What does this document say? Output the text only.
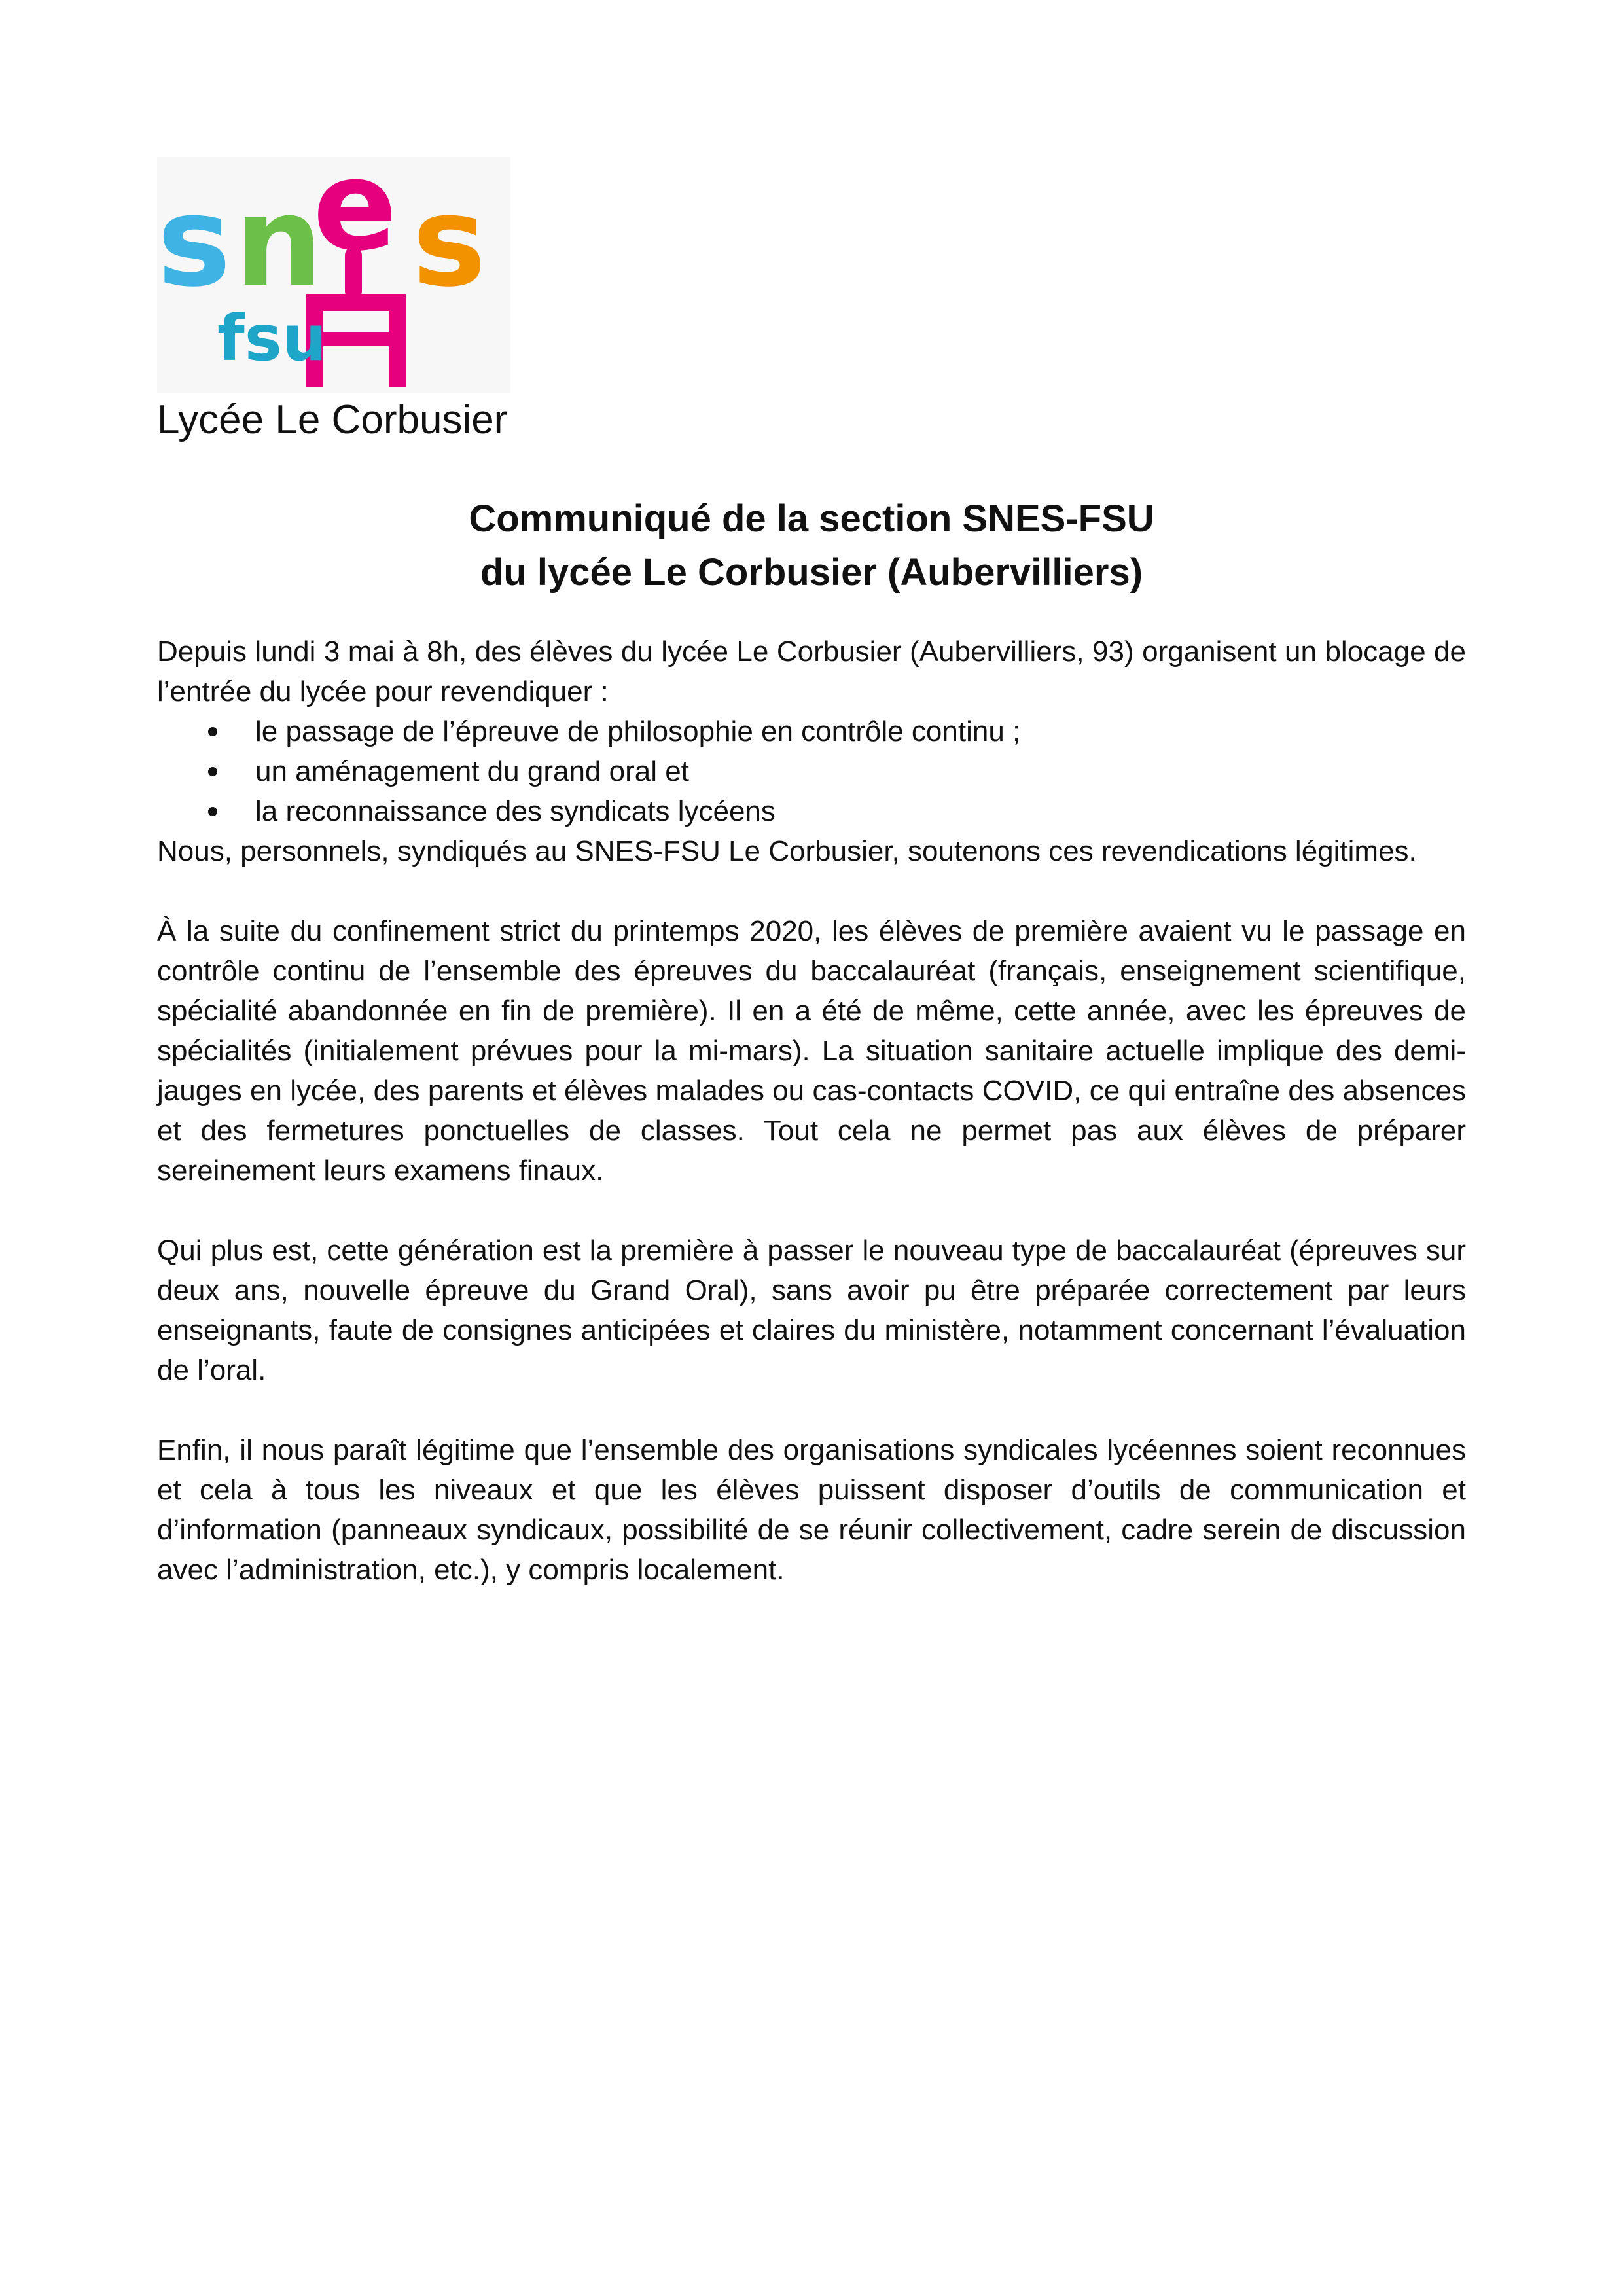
s n
e s
fsu
Lycée Le Corbusier
Communiqué de la section SNES-FSU
du lycée Le Corbusier (Aubervilliers)

Depuis lundi 3 mai à 8h, des élèves du lycée Le Corbusier (Aubervilliers, 93) organisent un blocage de l’entrée du lycée pour revendiquer :

le passage de l’épreuve de philosophie en contrôle continu ;
un aménagement du grand oral et
la reconnaissance des syndicats lycéens

Nous, personnels, syndiqués au SNES-FSU Le Corbusier, soutenons ces revendications légitimes.

À la suite du confinement strict du printemps 2020, les élèves de première avaient vu le passage en contrôle continu de l’ensemble des épreuves du baccalauréat (français, enseignement scientifique, spécialité abandonnée en fin de première). Il en a été de même, cette année, avec les épreuves de spécialités (initialement prévues pour la mi-mars). La situation sanitaire actuelle implique des demi-jauges en lycée, des parents et élèves malades ou cas-contacts COVID, ce qui entraîne des absences et des fermetures ponctuelles de classes. Tout cela ne permet pas aux élèves de préparer sereinement leurs examens finaux.

Qui plus est, cette génération est la première à passer le nouveau type de baccalauréat (épreuves sur deux ans, nouvelle épreuve du Grand Oral), sans avoir pu être préparée correctement par leurs enseignants, faute de consignes anticipées et claires du ministère, notamment concernant l’évaluation de l’oral.

Enfin, il nous paraît légitime que l’ensemble des organisations syndicales lycéennes soient reconnues et cela à tous les niveaux et que les élèves puissent disposer d’outils de communication et d’information (panneaux syndicaux, possibilité de se réunir collectivement, cadre serein de discussion avec l’administration, etc.), y compris localement.
